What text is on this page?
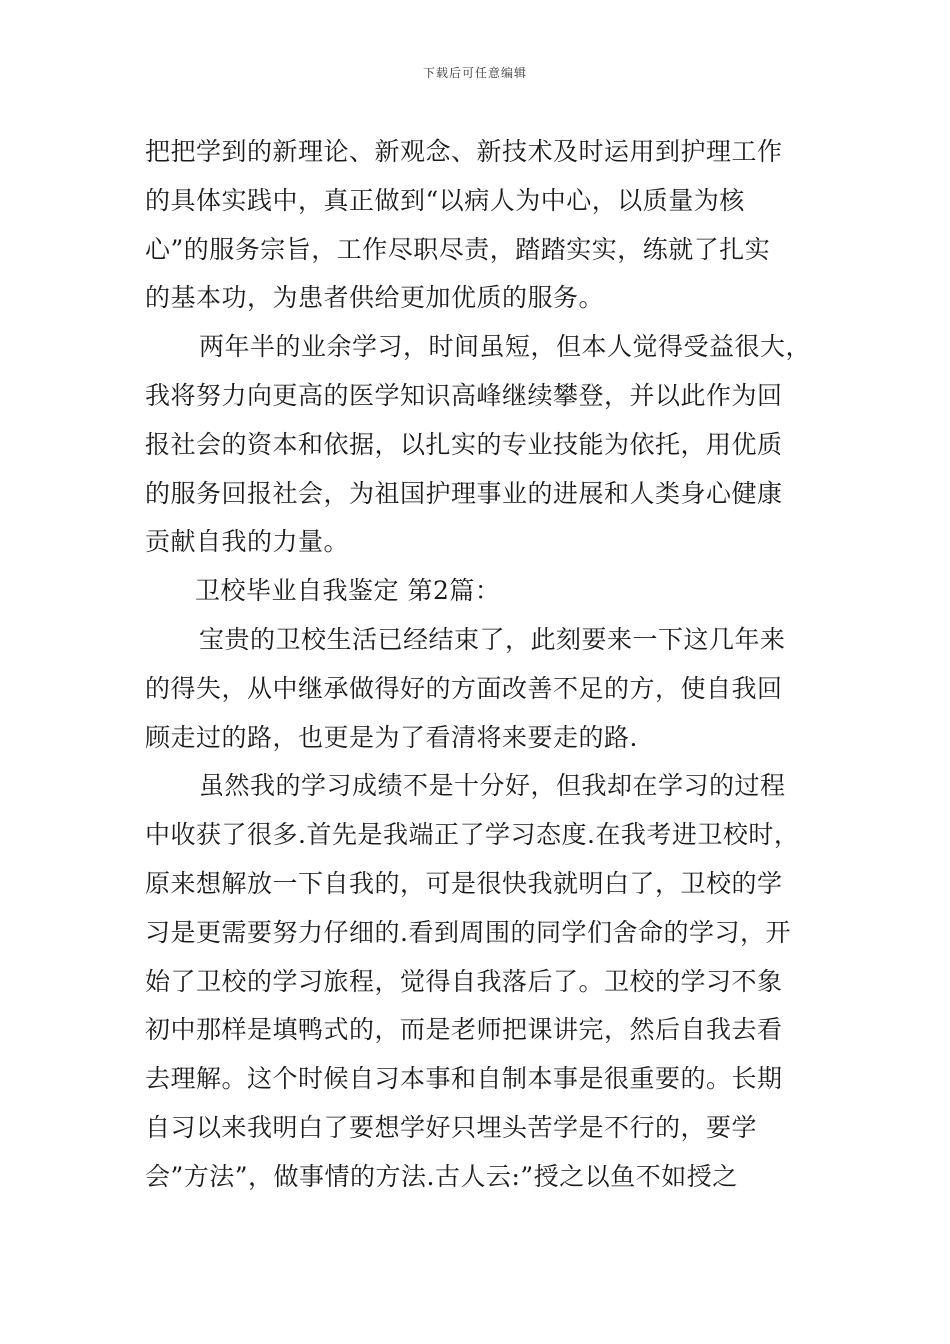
下载后可任意编辑
把把学到的新理论、新观念、新技术及时运用到护理工作
的具体实践中，真正做到“以病人为中心，以质量为核
心”的服务宗旨，工作尽职尽责，踏踏实实，练就了扎实
的基本功，为患者供给更加优质的服务。
两年半的业余学习，时间虽短，但本人觉得受益很大，
我将努力向更高的医学知识高峰继续攀登，并以此作为回
报社会的资本和依据，以扎实的专业技能为依托，用优质
的服务回报社会，为祖国护理事业的进展和人类身心健康
贡献自我的力量。
卫校毕业自我鉴定 第2篇：
宝贵的卫校生活已经结束了，此刻要来一下这几年来
的得失，从中继承做得好的方面改善不足的方，使自我回
顾走过的路，也更是为了看清将来要走的路.
虽然我的学习成绩不是十分好，但我却在学习的过程
中收获了很多.首先是我端正了学习态度.在我考进卫校时，
原来想解放一下自我的，可是很快我就明白了，卫校的学
习是更需要努力仔细的.看到周围的同学们舍命的学习，开
始了卫校的学习旅程，觉得自我落后了。卫校的学习不象
初中那样是填鸭式的，而是老师把课讲完，然后自我去看
去理解。这个时候自习本事和自制本事是很重要的。长期
自习以来我明白了要想学好只埋头苦学是不行的，要学
会”方法”，做事情的方法.古人云:”授之以鱼不如授之
